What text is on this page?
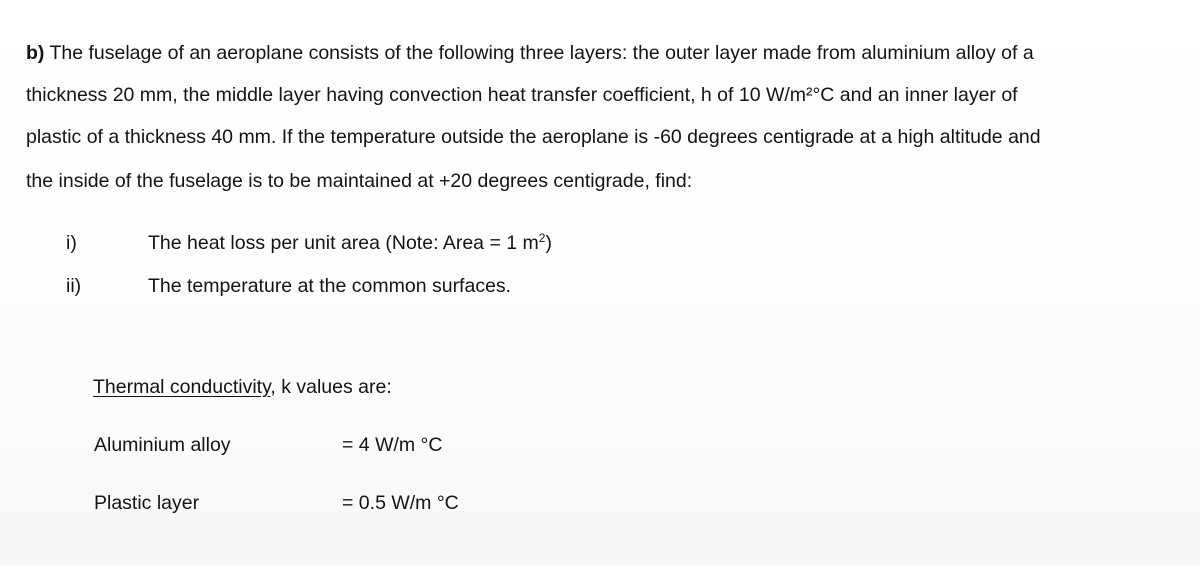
b) The fuselage of an aeroplane consists of the following three layers: the outer layer made from aluminium alloy of a
thickness 20 mm, the middle layer having convection heat transfer coefficient, h of 10 W/m²°C and an inner layer of
plastic of a thickness 40 mm. If the temperature outside the aeroplane is -60 degrees centigrade at a high altitude and
the inside of the fuselage is to be maintained at +20 degrees centigrade, find:
i)	The heat loss per unit area (Note: Area = 1 $m^2$)
ii)	The temperature at the common surfaces.
Thermal conductivity, k values are:
Aluminium alloy	= 4 W/m °C
Plastic layer	= 0.5 W/m °C
